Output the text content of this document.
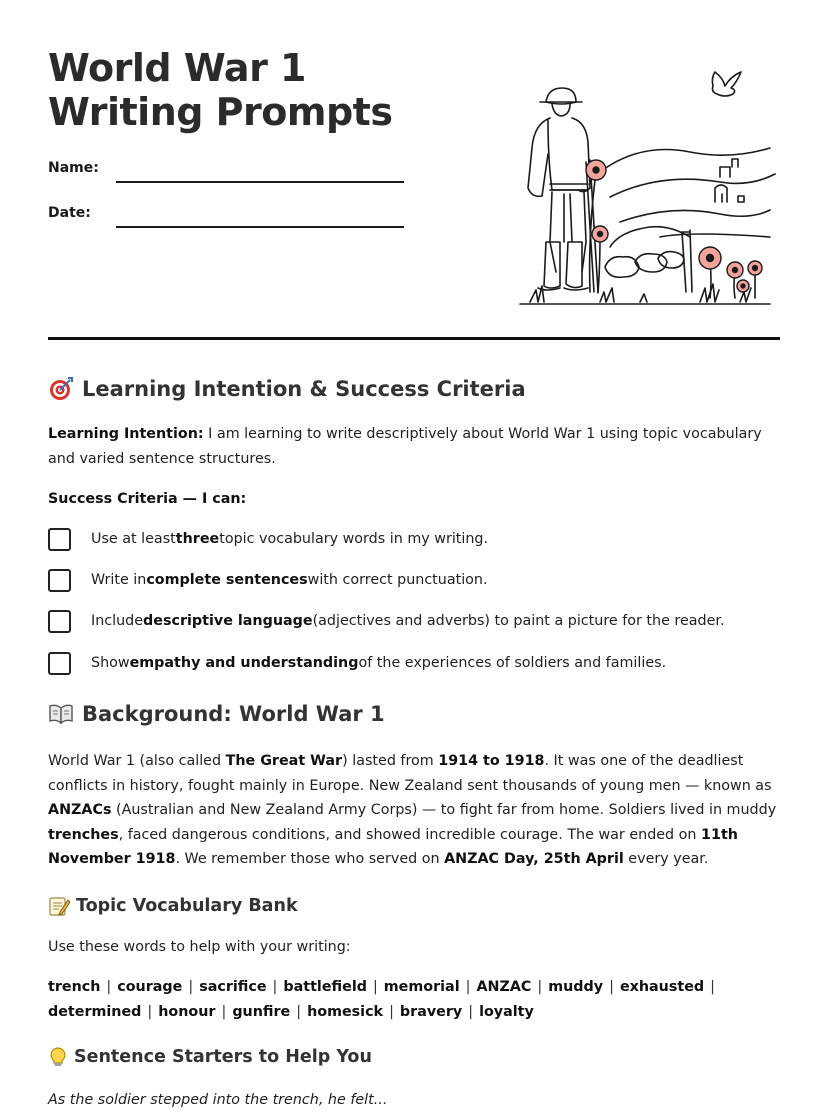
World War 1 Writing Prompts
Name:
Date:
Learning Intention & Success Criteria
Learning Intention: I am learning to write descriptively about World War 1 using topic vocabulary and varied sentence structures.
Success Criteria — I can:
Use at least three topic vocabulary words in my writing.
Write in complete sentences with correct punctuation.
Include descriptive language (adjectives and adverbs) to paint a picture for the reader.
Show empathy and understanding of the experiences of soldiers and families.
Background: World War 1
World War 1 (also called The Great War) lasted from 1914 to 1918. It was one of the deadliest conflicts in history, fought mainly in Europe. New Zealand sent thousands of young men — known as ANZACs (Australian and New Zealand Army Corps) — to fight far from home. Soldiers lived in muddy trenches, faced dangerous conditions, and showed incredible courage. The war ended on 11th November 1918. We remember those who served on ANZAC Day, 25th April every year.
Topic Vocabulary Bank
Use these words to help with your writing:
trench | courage | sacrifice | battlefield | memorial | ANZAC | muddy | exhausted |
determined | honour | gunfire | homesick | bravery | loyalty
Sentence Starters to Help You
As the soldier stepped into the trench, he felt...
